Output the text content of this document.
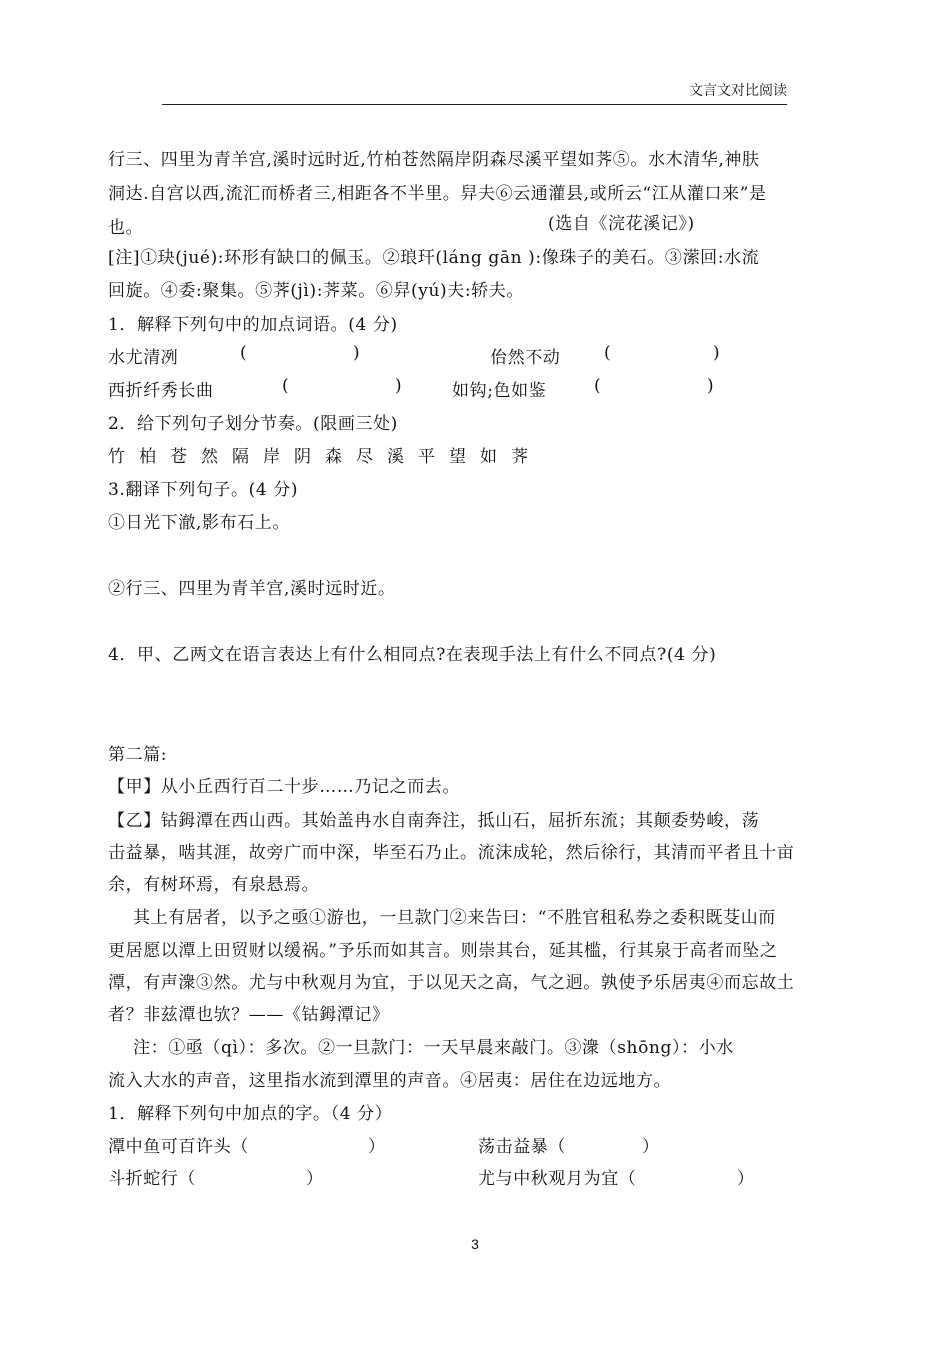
文言文对比阅读
行三、四里为青羊宫,溪时远时近,竹柏苍然隔岸阴森尽溪平望如荠⑤。水木清华,神肤
洞达.自宫以西,流汇而桥者三,相距各不半里。舁夫⑥云通灌县,或所云“江从灌口来”是
也。	(选自《浣花溪记》)
[注]①玦(jué):环形有缺口的佩玉。②琅玕(láng gān ):像珠子的美石。③潆回:水流
回旋。④委:聚集。⑤荠(jì):荠菜。⑥舁(yú)夫:轿夫。
1．解释下列句中的加点词语。(4 分)
水尤清冽	(	)	佁然不动	(	)
西折纤秀长曲	(	)	如钩;色如鉴	(	)
2．给下列句子划分节奏。(限画三处)
竹柏苍然隔岸阴森尽溪平望如荠
3.翻译下列句子。(4 分)
①日光下澈,影布石上。
②行三、四里为青羊宫,溪时远时近。
4．甲、乙两文在语言表达上有什么相同点?在表现手法上有什么不同点?(4 分)
第二篇:
【甲】从小丘西行百二十步……乃记之而去。
【乙】钴鉧潭在西山西。其始盖冉水自南奔注，抵山石，屈折东流；其颠委势峻，荡
击益暴，啮其涯，故旁广而中深，毕至石乃止。流沫成轮，然后徐行，其清而平者且十亩
余，有树环焉，有泉悬焉。
其上有居者，以予之亟①游也，一旦款门②来告曰：“不胜官租私券之委积既芟山而
更居愿以潭上田贸财以缓祸。”予乐而如其言。则崇其台，延其槛，行其泉于高者而坠之
潭，有声潨③然。尤与中秋观月为宜，于以见天之高，气之迥。孰使予乐居夷④而忘故土
者？非兹潭也欤？——《钴鉧潭记》
注：①亟（qì）：多次。②一旦款门：一天早晨来敲门。③潨（shōng）：小水
流入大水的声音，这里指水流到潭里的声音。④居夷：居住在边远地方。
1．解释下列句中加点的字。（4 分）
潭中鱼可百许头（	）	荡击益暴（	）
斗折蛇行（	）	尤与中秋观月为宜（	）
3
